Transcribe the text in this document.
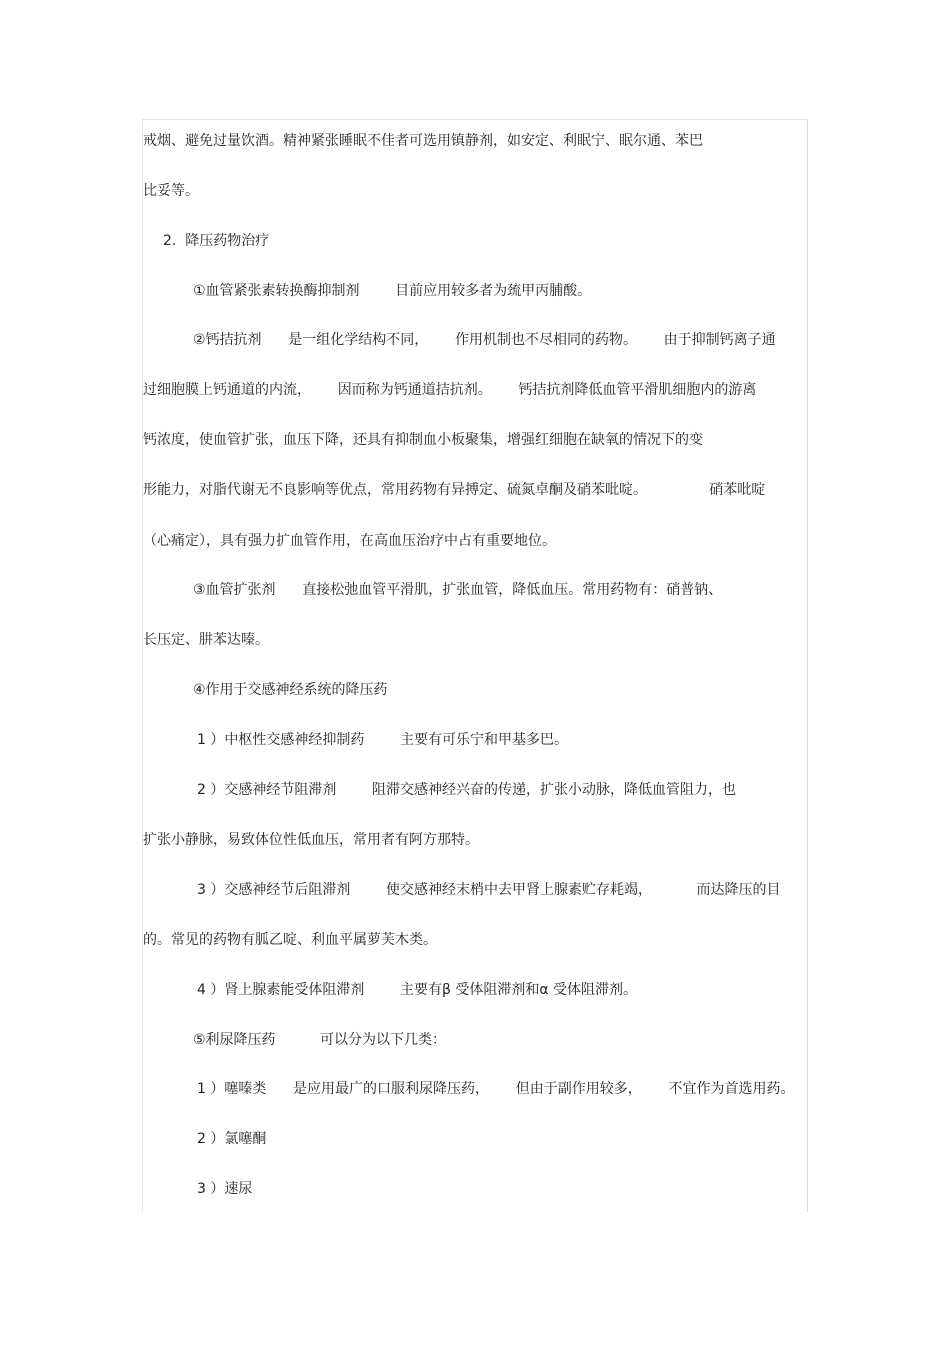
戒烟、避免过量饮酒。精神紧张睡眠不佳者可选用镇静剂，如安定、利眠宁、眠尔通、苯巴
比妥等。
2.  降压药物治疗
①血管紧张素转换酶抑制剂        目前应用较多者为巯甲丙脯酸。
②钙拮抗剂      是一组化学结构不同，      作用机制也不尽相同的药物。      由于抑制钙离子通
过细胞膜上钙通道的内流，      因而称为钙通道拮抗剂。      钙拮抗剂降低血管平滑肌细胞内的游离
钙浓度，使血管扩张，血压下降，还具有抑制血小板聚集，增强红细胞在缺氧的情况下的变
形能力，对脂代谢无不良影响等优点，常用药物有异搏定、硫氮卓酮及硝苯吡啶。              硝苯吡啶
（心痛定），具有强力扩血管作用，在高血压治疗中占有重要地位。
③血管扩张剂      直接松弛血管平滑肌，扩张血管，降低血压。常用药物有：硝普钠、
长压定、肼苯达嗪。
④作用于交感神经系统的降压药
1 ）中枢性交感神经抑制药        主要有可乐宁和甲基多巴。
2 ）交感神经节阻滞剂        阻滞交感神经兴奋的传递，扩张小动脉，降低血管阻力，也
扩张小静脉，易致体位性低血压，常用者有阿方那特。
3 ）交感神经节后阻滞剂        使交感神经末梢中去甲肾上腺素贮存耗竭，          而达降压的目
的。常见的药物有胍乙啶、利血平属萝芙木类。
4 ）肾上腺素能受体阻滞剂        主要有β 受体阻滞剂和α 受体阻滞剂。
⑤利尿降压药          可以分为以下几类：
1 ）噻嗪类      是应用最广的口服利尿降压药，      但由于副作用较多，      不宜作为首选用药。
2 ）氯噻酮
3 ）速尿
